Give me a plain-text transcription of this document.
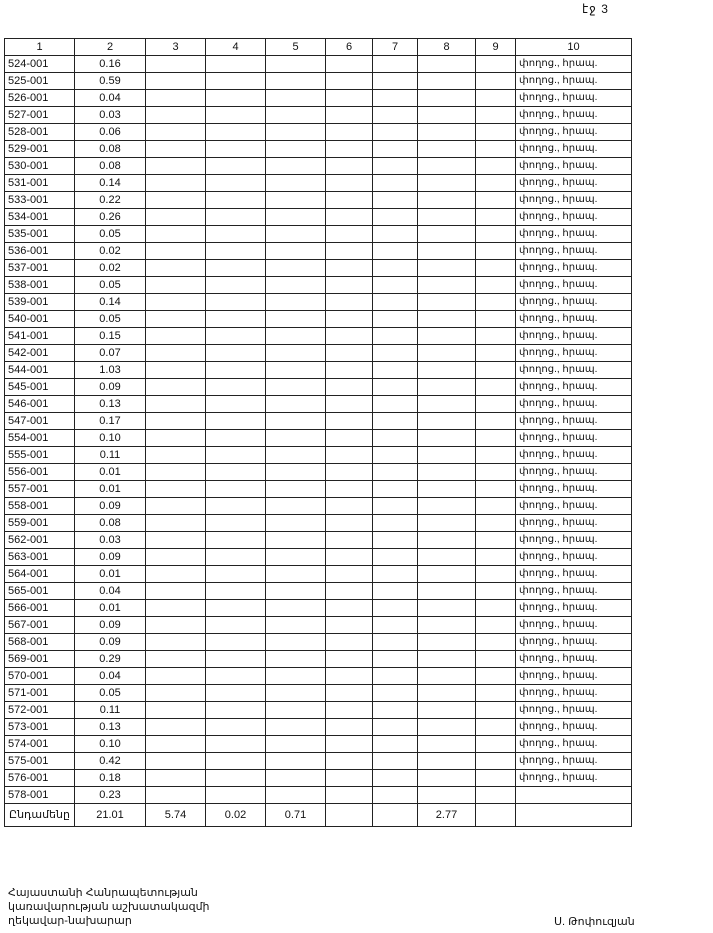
էջ 3
1	2	3	4	5	6	7	8	9	10
524-001	0.16								փողոց., հրապ.
525-001	0.59								փողոց., հրապ.
526-001	0.04								փողոց., հրապ.
527-001	0.03								փողոց., հրապ.
528-001	0.06								փողոց., հրապ.
529-001	0.08								փողոց., հրապ.
530-001	0.08								փողոց., հրապ.
531-001	0.14								փողոց., հրապ.
533-001	0.22								փողոց., հրապ.
534-001	0.26								փողոց., հրապ.
535-001	0.05								փողոց., հրապ.
536-001	0.02								փողոց., հրապ.
537-001	0.02								փողոց., հրապ.
538-001	0.05								փողոց., հրապ.
539-001	0.14								փողոց., հրապ.
540-001	0.05								փողոց., հրապ.
541-001	0.15								փողոց., հրապ.
542-001	0.07								փողոց., հրապ.
544-001	1.03								փողոց., հրապ.
545-001	0.09								փողոց., հրապ.
546-001	0.13								փողոց., հրապ.
547-001	0.17								փողոց., հրապ.
554-001	0.10								փողոց., հրապ.
555-001	0.11								փողոց., հրապ.
556-001	0.01								փողոց., հրապ.
557-001	0.01								փողոց., հրապ.
558-001	0.09								փողոց., հրապ.
559-001	0.08								փողոց., հրապ.
562-001	0.03								փողոց., հրապ.
563-001	0.09								փողոց., հրապ.
564-001	0.01								փողոց., հրապ.
565-001	0.04								փողոց., հրապ.
566-001	0.01								փողոց., հրապ.
567-001	0.09								փողոց., հրապ.
568-001	0.09								փողոց., հրապ.
569-001	0.29								փողոց., հրապ.
570-001	0.04								փողոց., հրապ.
571-001	0.05								փողոց., հրապ.
572-001	0.11								փողոց., հրապ.
573-001	0.13								փողոց., հրապ.
574-001	0.10								փողոց., հրապ.
575-001	0.42								փողոց., հրապ.
576-001	0.18								փողոց., հրապ.
578-001	0.23								
Ընդամենը	21.01	5.74	0.02	0.71			2.77		
Հայաստանի Հանրապետության
կառավարության աշխատակազմի
ղեկավար-նախարար	Ս. Թոփուզյան
